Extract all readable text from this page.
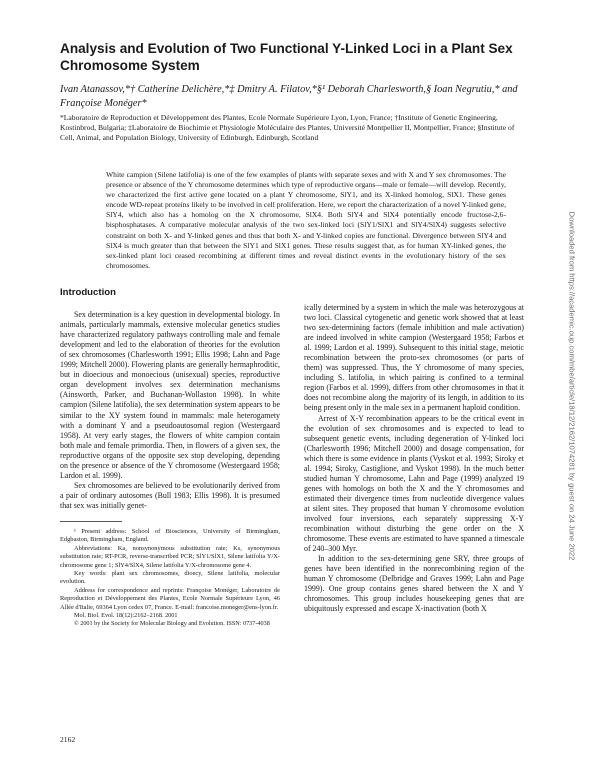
Analysis and Evolution of Two Functional Y-Linked Loci in a Plant Sex Chromosome System

Ivan Atanassov,*† Catherine Delichère,*‡ Dmitry A. Filatov,*§¹ Deborah Charlesworth,§ Ioan Negrutiu,* and Françoise Monéger*

*Laboratoire de Reproduction et Développement des Plantes, Ecole Normale Supérieure Lyon, Lyon, France; †Institute of Genetic Engineering, Kostinbrod, Bulgaria; ‡Laboratoire de Biochimie et Physiologie Moléculaire des Plantes, Université Montpellier II, Montpellier, France; §Institute of Cell, Animal, and Population Biology, University of Edinburgh, Edinburgh, Scotland

White campion (Silene latifolia) is one of the few examples of plants with separate sexes and with X and Y sex chromosomes. The presence or absence of the Y chromosome determines which type of reproductive organs—male or female—will develop. Recently, we characterized the first active gene located on a plant Y chromosome, SlY1, and its X-linked homolog, SlX1. These genes encode WD-repeat proteins likely to be involved in cell proliferation. Here, we report the characterization of a novel Y-linked gene, SlY4, which also has a homolog on the X chromosome, SlX4. Both SlY4 and SlX4 potentially encode fructose-2,6-bisphosphatases. A comparative molecular analysis of the two sex-linked loci (SlY1/SlX1 and SlY4/SlX4) suggests selective constraint on both X- and Y-linked genes and thus that both X- and Y-linked copies are functional. Divergence between SlY4 and SlX4 is much greater than that between the SlY1 and SlX1 genes. These results suggest that, as for human XY-linked genes, the sex-linked plant loci ceased recombining at different times and reveal distinct events in the evolutionary history of the sex chromosomes.

Introduction

Sex determination is a key question in developmental biology. In animals, particularly mammals, extensive molecular genetics studies have characterized regulatory pathways controlling male and female development and led to the elaboration of theories for the evolution of sex chromosomes (Charlesworth 1991; Ellis 1998; Lahn and Page 1999; Mitchell 2000). Flowering plants are generally hermaphroditic, but in dioecious and monoecious (unisexual) species, reproductive organ development involves sex determination mechanisms (Ainsworth, Parker, and Buchanan-Wollaston 1998). In white campion (Silene latifolia), the sex determination system appears to be similar to the XY system found in mammals: male heterogamety with a dominant Y and a pseudoautosomal region (Westergaard 1958). At very early stages, the flowers of white campion contain both male and female primordia. Then, in flowers of a given sex, the reproductive organs of the opposite sex stop developing, depending on the presence or absence of the Y chromosome (Westergaard 1958; Lardon et al. 1999).

Sex chromosomes are believed to be evolutionarily derived from a pair of ordinary autosomes (Bull 1983; Ellis 1998). It is presumed that sex was initially genet-

¹ Present address: School of Biosciences, University of Birmingham, Edgbaston, Birmingham, England.

Abbreviations: Ka, nonsynonymous substitution rate; Ks, synonymous substitution rate; RT-PCR, reverse-transcribed PCR; SlY1/SlX1, Silene latifolia Y/X-chromosome gene 1; SlY4/SlX4, Silene latifolia Y/X-chromosome gene 4.

Key words: plant sex chromosomes, dioecy, Silene latifolia, molecular evolution.

Address for correspondence and reprints: Françoise Monéger, Laboratoire de Reproduction et Développement des Plantes, Ecole Normale Supérieure Lyon, 46 Allée d'Italie, 69364 Lyon cedex 07, France. E-mail: francoise.moneger@ens-lyon.fr.

Mol. Biol. Evol. 18(12):2162–2168. 2001

© 2001 by the Society for Molecular Biology and Evolution. ISSN: 0737-4038

ically determined by a system in which the male was heterozygous at two loci. Classical cytogenetic and genetic work showed that at least two sex-determining factors (female inhibition and male activation) are indeed involved in white campion (Westergaard 1958; Farbos et al. 1999; Lardon et al. 1999). Subsequent to this initial stage, meiotic recombination between the proto-sex chromosomes (or parts of them) was suppressed. Thus, the Y chromosome of many species, including S. latifolia, in which pairing is confined to a terminal region (Farbos et al. 1999), differs from other chromosomes in that it does not recombine along the majority of its length, in addition to its being present only in the male sex in a permanent haploid condition.

Arrest of X-Y recombination appears to be the critical event in the evolution of sex chromosomes and is expected to lead to subsequent genetic events, including degeneration of Y-linked loci (Charlesworth 1996; Mitchell 2000) and dosage compensation, for which there is some evidence in plants (Vyskot et al. 1993; Siroky et al. 1994; Siroky, Castiglione, and Vyskot 1998). In the much better studied human Y chromosome, Lahn and Page (1999) analyzed 19 genes with homologs on both the X and the Y chromosomes and estimated their divergence times from nucleotide divergence values at silent sites. They proposed that human Y chromosome evolution involved four inversions, each separately suppressing X-Y recombination without disturbing the gene order on the X chromosome. These events are estimated to have spanned a timescale of 240–300 Myr.

In addition to the sex-determining gene SRY, three groups of genes have been identified in the nonrecombining region of the human Y chromosome (Delbridge and Graves 1999; Lahn and Page 1999). One group contains genes shared between the X and Y chromosomes. This group includes housekeeping genes that are ubiquitously expressed and escape X-inactivation (both X

2162
Downloaded from https://academic.oup.com/mbe/article/18/12/2162/1074281 by guest on 24 June 2022
